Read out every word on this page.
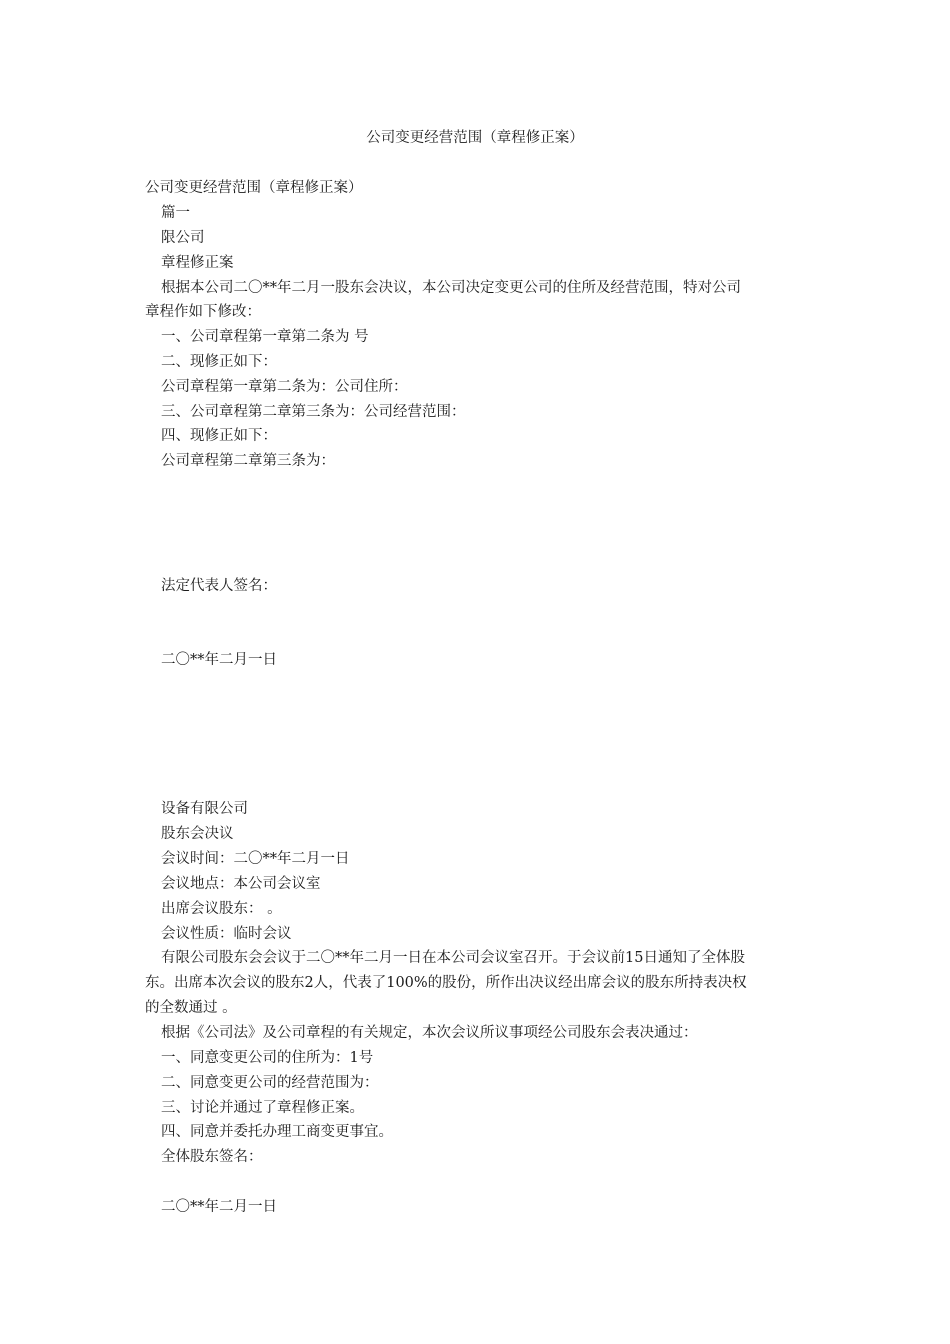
公司变更经营范围（章程修正案）
公司变更经营范围（章程修正案）
篇一
限公司
章程修正案
根据本公司二〇**年二月一股东会决议，本公司决定变更公司的住所及经营范围，特对公司
章程作如下修改：
一、公司章程第一章第二条为 号
二、现修正如下：
公司章程第一章第二条为：公司住所：
三、公司章程第二章第三条为：公司经营范围：
四、现修正如下：
公司章程第二章第三条为：
法定代表人签名：
二〇**年二月一日
设备有限公司
股东会决议
会议时间：二〇**年二月一日
会议地点：本公司会议室
出席会议股东： 。
会议性质：临时会议
有限公司股东会会议于二〇**年二月一日在本公司会议室召开。于会议前15日通知了全体股
东。出席本次会议的股东2人，代表了100%的股份，所作出决议经出席会议的股东所持表决权
的全数通过 。
根据《公司法》及公司章程的有关规定，本次会议所议事项经公司股东会表决通过：
一、同意变更公司的住所为：1号
二、同意变更公司的经营范围为：
三、讨论并通过了章程修正案。
四、同意并委托办理工商变更事宜。
全体股东签名：
二〇**年二月一日
